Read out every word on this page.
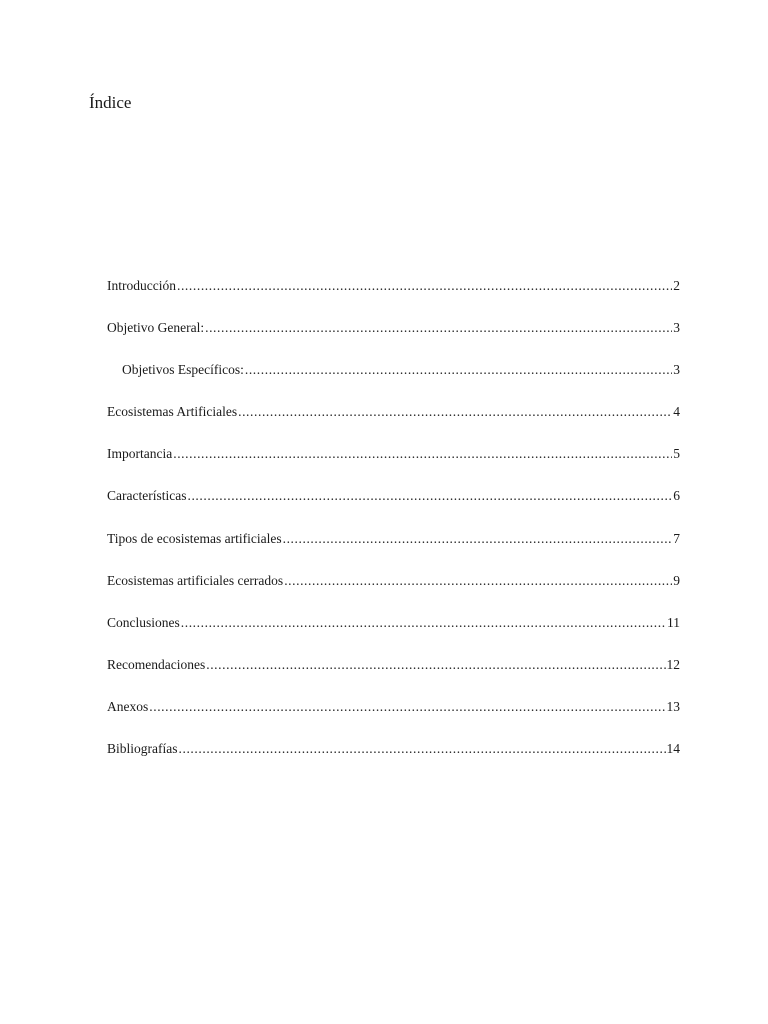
Índice
Introducción .....	2
Objetivo General: .....	3
Objetivos Específicos: .....	3
Ecosistemas Artificiales .....	4
Importancia .....	5
Características .....	6
Tipos de ecosistemas artificiales .....	7
Ecosistemas artificiales cerrados .....	9
Conclusiones .....	11
Recomendaciones .....	12
Anexos .....	13
Bibliografías .....	14
